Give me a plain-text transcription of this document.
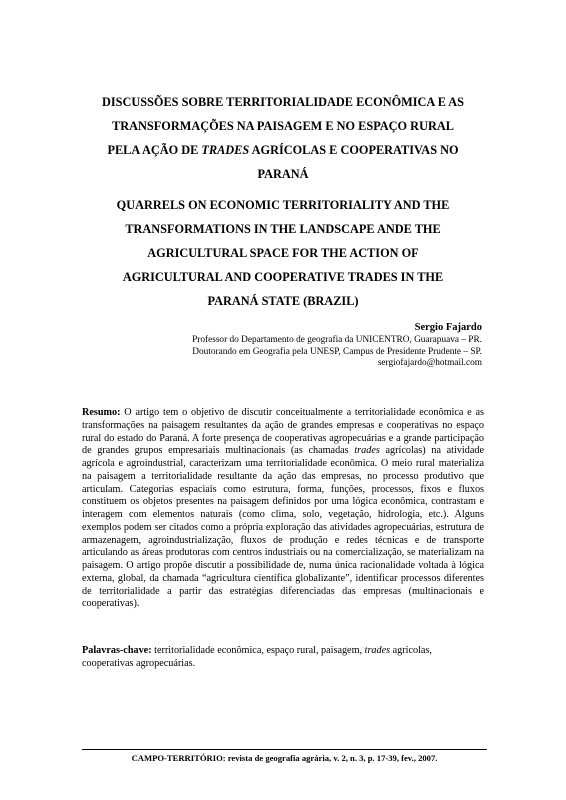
DISCUSSÕES SOBRE TERRITORIALIDADE ECONÔMICA E AS
TRANSFORMAÇÕES NA PAISAGEM E NO ESPAÇO RURAL
PELA AÇÃO DE TRADES AGRÍCOLAS E COOPERATIVAS NO
PARANÁ
QUARRELS ON ECONOMIC TERRITORIALITY AND THE
TRANSFORMATIONS IN THE LANDSCAPE ANDE THE
AGRICULTURAL SPACE FOR THE ACTION OF
AGRICULTURAL AND COOPERATIVE TRADES IN THE
PARANÁ STATE (BRAZIL)
Sergio Fajardo
Professor do Departamento de geografia da UNICENTRO, Guarapuava – PR.
Doutorando em Geografia pela UNESP, Campus de Presidente Prudente – SP.
sergiofajardo@hotmail.com
Resumo: O artigo tem o objetivo de discutir conceitualmente a territorialidade econômica e as transformações na paisagem resultantes da ação de grandes empresas e cooperativas no espaço rural do estado do Paraná. A forte presença de cooperativas agropecuárias e a grande participação de grandes grupos empresariais multinacionais (as chamadas trades agrícolas) na atividade agrícola e agroindustrial, caracterizam uma territorialidade econômica. O meio rural materializa na paisagem a territorialidade resultante da ação das empresas, no processo produtivo que articulam. Categorias espaciais como estrutura, forma, funções, processos, fixos e fluxos constituem os objetos presentes na paisagem definidos por uma lógica econômica, contrastam e interagem com elementos naturais (como clima, solo, vegetação, hidrologia, etc.). Alguns exemplos podem ser citados como a própria exploração das atividades agropecuárias, estrutura de armazenagem, agroindustrialização, fluxos de produção e redes técnicas e de transporte articulando as áreas produtoras com centros industriais ou na comercialização, se materializam na paisagem. O artigo propõe discutir a possibilidade de, numa única racionalidade voltada à lógica externa, global, da chamada “agricultura científica globalizante”, identificar processos diferentes de territorialidade a partir das estratégias diferenciadas das empresas (multinacionais e cooperativas).
Palavras-chave: territorialidade econômica, espaço rural, paisagem, trades agrícolas, cooperativas agropecuárias.
CAMPO-TERRITÓRIO: revista de geografia agrária, v. 2, n. 3, p. 17-39, fev., 2007.
